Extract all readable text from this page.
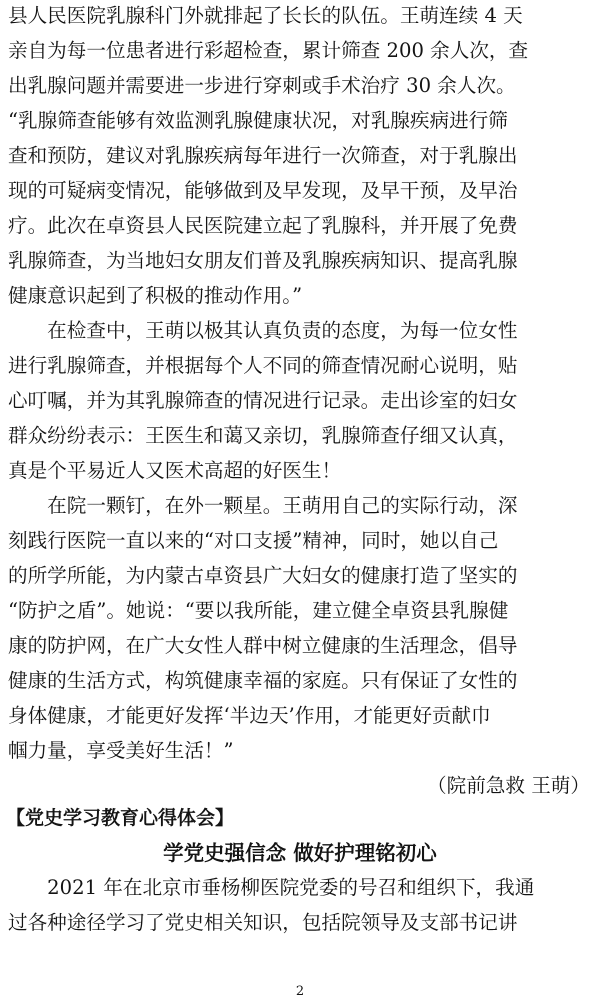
县人民医院乳腺科门外就排起了长长的队伍。王萌连续 4 天

亲自为每一位患者进行彩超检查，累计筛查 200 余人次，查

出乳腺问题并需要进一步进行穿刺或手术治疗 30 余人次。

“乳腺筛查能够有效监测乳腺健康状况，对乳腺疾病进行筛

查和预防，建议对乳腺疾病每年进行一次筛查，对于乳腺出

现的可疑病变情况，能够做到及早发现，及早干预，及早治

疗。此次在卓资县人民医院建立起了乳腺科，并开展了免费

乳腺筛查，为当地妇女朋友们普及乳腺疾病知识、提高乳腺

健康意识起到了积极的推动作用。”

　　在检查中，王萌以极其认真负责的态度，为每一位女性

进行乳腺筛查，并根据每个人不同的筛查情况耐心说明，贴

心叮嘱，并为其乳腺筛查的情况进行记录。走出诊室的妇女

群众纷纷表示：王医生和蔼又亲切，乳腺筛查仔细又认真，

真是个平易近人又医术高超的好医生！

　　在院一颗钉，在外一颗星。王萌用自己的实际行动，深

刻践行医院一直以来的“对口支援”精神，同时，她以自己

的所学所能，为内蒙古卓资县广大妇女的健康打造了坚实的

“防护之盾”。她说：“要以我所能，建立健全卓资县乳腺健

康的防护网，在广大女性人群中树立健康的生活理念，倡导

健康的生活方式，构筑健康幸福的家庭。只有保证了女性的

身体健康，才能更好发挥‘半边天’作用，才能更好贡献巾

帼力量，享受美好生活！”

（院前急救 王萌）
【党史学习教育心得体会】
学党史强信念 做好护理铭初心

　　2021 年在北京市垂杨柳医院党委的号召和组织下，我通

过各种途径学习了党史相关知识，包括院领导及支部书记讲

2
